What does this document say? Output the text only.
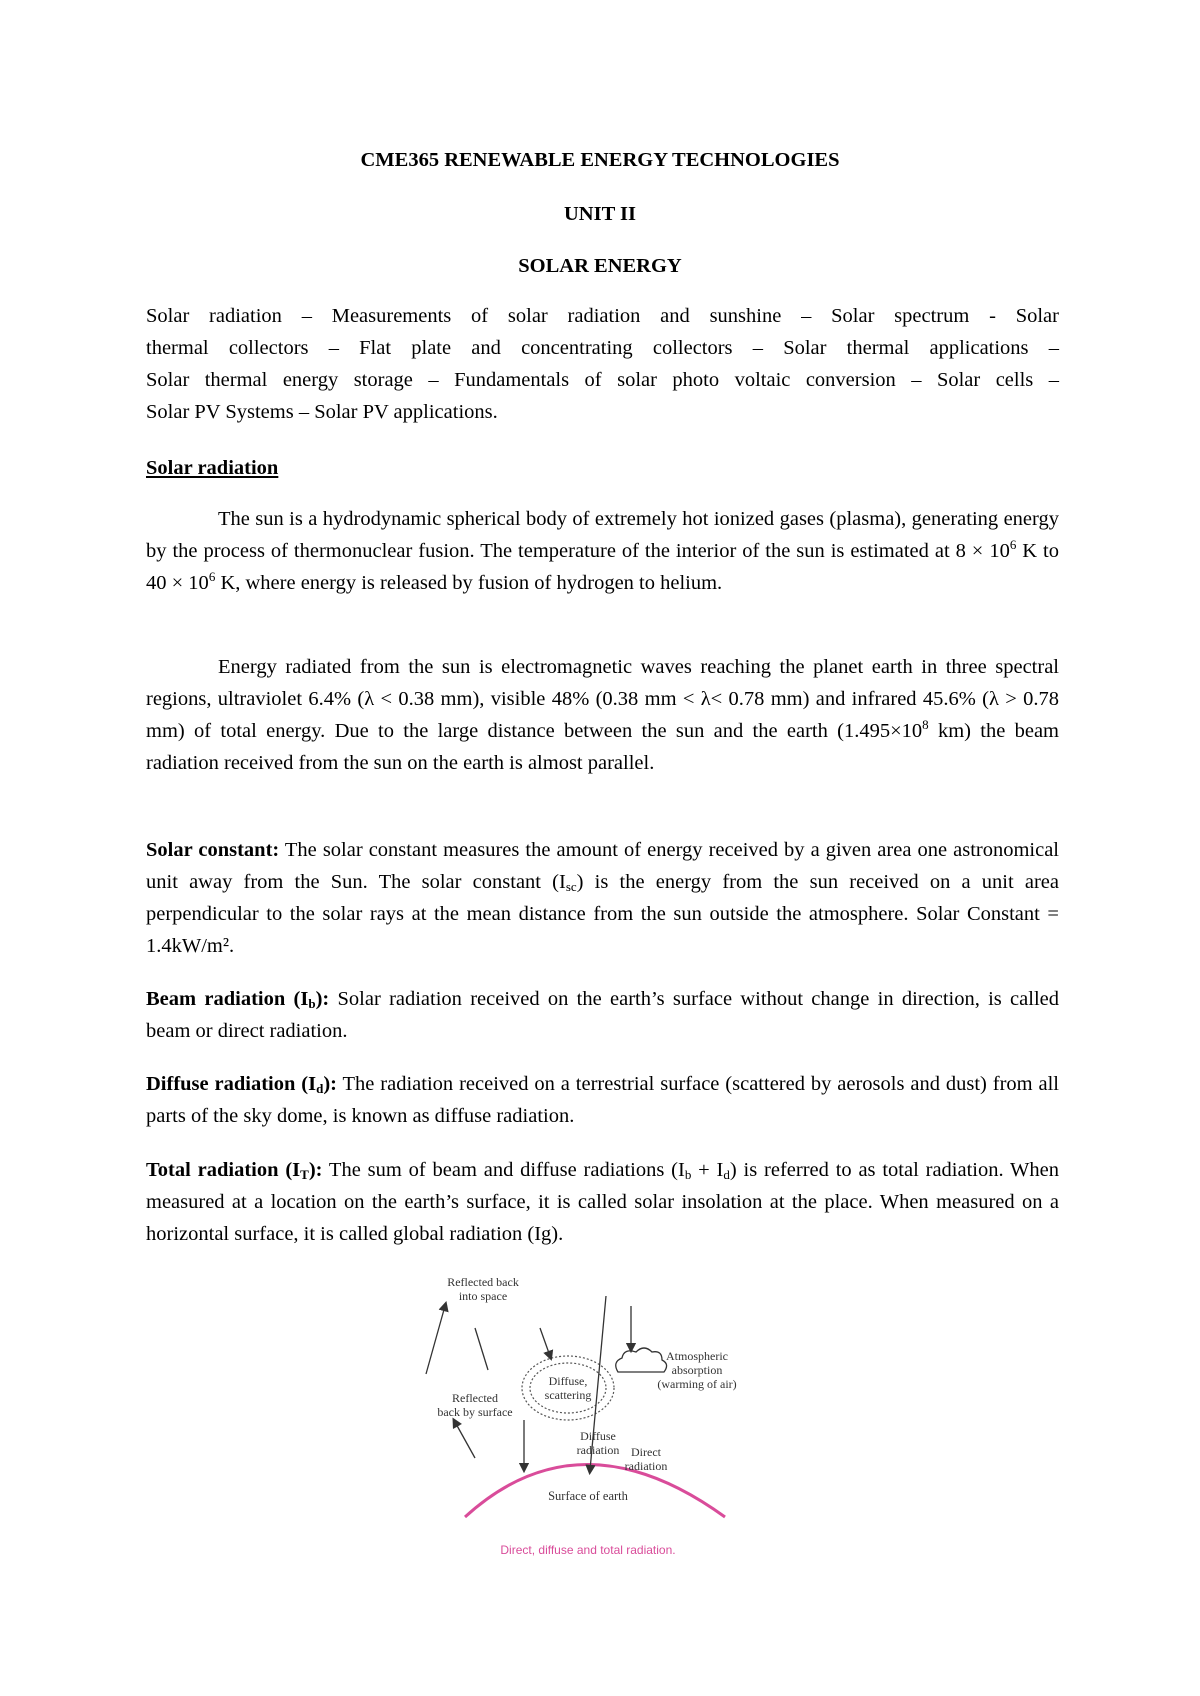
CME365 RENEWABLE ENERGY TECHNOLOGIES
UNIT II
SOLAR ENERGY
Solar radiation – Measurements of solar radiation and sunshine – Solar spectrum - Solar
thermal collectors – Flat plate and concentrating collectors – Solar thermal applications –
Solar thermal energy storage – Fundamentals of solar photo voltaic conversion – Solar cells –
Solar PV Systems – Solar PV applications.
Solar radiation

The sun is a hydrodynamic spherical body of extremely hot ionized gases (plasma), generating energy by the process of thermonuclear fusion. The temperature of the interior of the sun is estimated at $8 \times 10^6$ K to $40 \times 10^6$ K, where energy is released by fusion of hydrogen to helium.

Energy radiated from the sun is electromagnetic waves reaching the planet earth in three spectral regions, ultraviolet 6.4% (λ < 0.38 mm), visible 48% (0.38 mm < λ< 0.78 mm) and infrared 45.6% (λ > 0.78 mm) of total energy. Due to the large distance between the sun and the earth ($1.495\times 10^8$ km) the beam radiation received from the sun on the earth is almost parallel.

Solar constant: The solar constant measures the amount of energy received by a given area one astronomical unit away from the Sun. The solar constant $(I_{sc})$ is the energy from the sun received on a unit area perpendicular to the solar rays at the mean distance from the sun outside the atmosphere. Solar Constant = 1.4kW/m².

Beam radiation $(I_b)$: Solar radiation received on the earth’s surface without change in direction, is called beam or direct radiation.

Diffuse radiation $(I_d)$: The radiation received on a terrestrial surface (scattered by aerosols and dust) from all parts of the sky dome, is known as diffuse radiation.

Total radiation $(I_T)$: The sum of beam and diffuse radiations $(I_b + I_d)$ is referred to as total radiation. When measured at a location on the earth’s surface, it is called solar insolation at the place. When measured on a horizontal surface, it is called global radiation (Ig).

Reflected back
into space
Reflected
back by surface
Diffuse,
scattering
Atmospheric
absorption
(warming of air)
Diffuse
radiation Direct
radiation
Surface of earth
Direct, diffuse and total radiation.
